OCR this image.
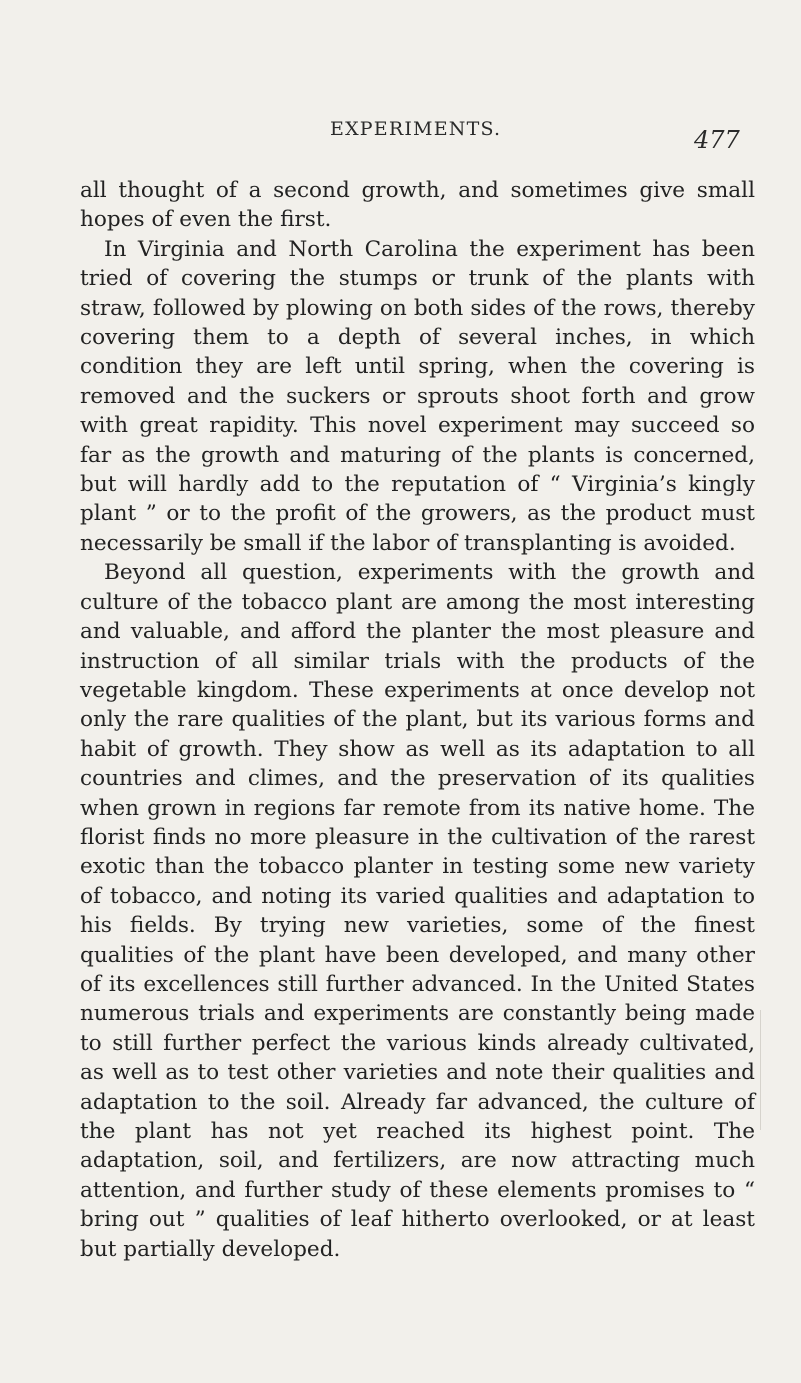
EXPERIMENTS.	477

all thought of a second growth, and sometimes give small hopes of even the first.

In Virginia and North Carolina the experiment has been tried of covering the stumps or trunk of the plants with straw, followed by plowing on both sides of the rows, thereby covering them to a depth of several inches, in which condition they are left until spring, when the covering is removed and the suckers or sprouts shoot forth and grow with great rapidity. This novel experiment may succeed so far as the growth and maturing of the plants is concerned, but will hardly add to the reputation of “ Virginia’s kingly plant ” or to the profit of the growers, as the product must necessarily be small if the labor of transplanting is avoided.

Beyond all question, experiments with the growth and culture of the tobacco plant are among the most interesting and valuable, and afford the planter the most pleasure and instruction of all similar trials with the products of the vegetable kingdom. These experiments at once develop not only the rare qualities of the plant, but its various forms and habit of growth. They show as well as its adaptation to all countries and climes, and the preservation of its qualities when grown in regions far remote from its native home. The florist finds no more pleasure in the cultivation of the rarest exotic than the tobacco planter in testing some new variety of tobacco, and noting its varied qualities and adaptation to his fields. By trying new varieties, some of the finest qualities of the plant have been developed, and many other of its excellences still further advanced. In the United States numerous trials and experiments are constantly being made to still further perfect the various kinds already cultivated, as well as to test other varieties and note their qualities and adaptation to the soil. Already far advanced, the culture of the plant has not yet reached its highest point. The adaptation, soil, and fertilizers, are now attracting much attention, and further study of these elements promises to “ bring out ” qualities of leaf hitherto overlooked, or at least but partially developed.
